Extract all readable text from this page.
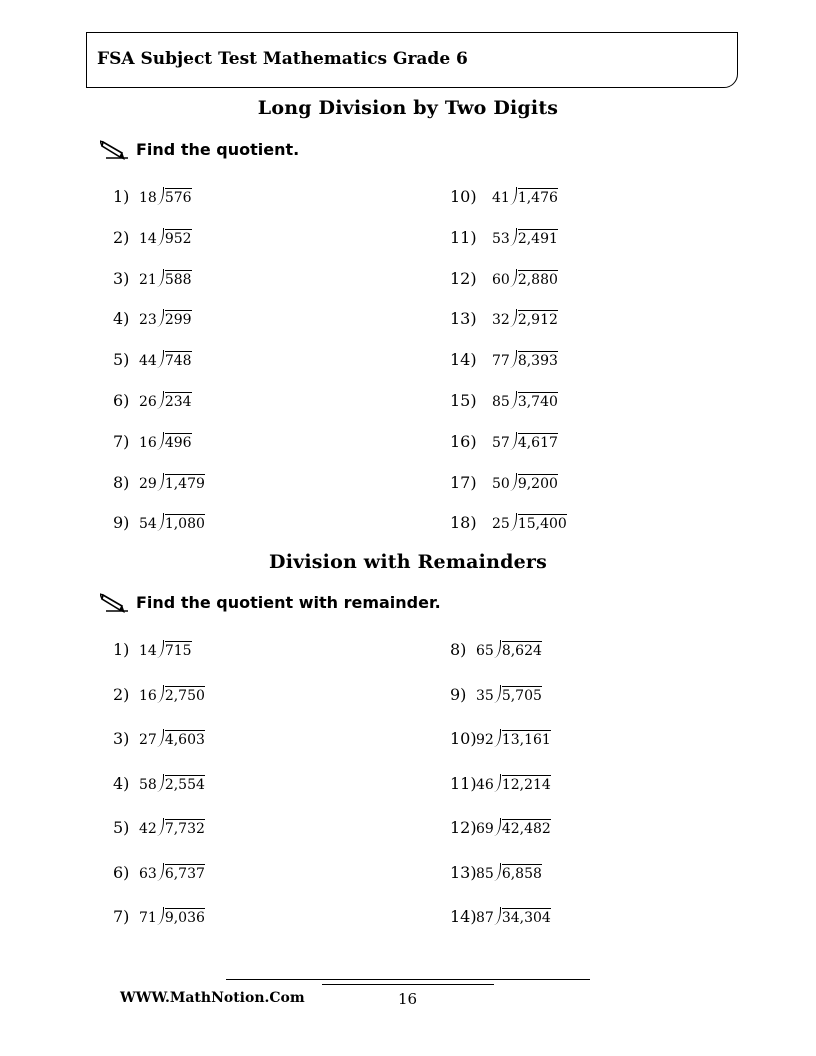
FSA Subject Test Mathematics Grade 6
Long Division by Two Digits
Find the quotient.
1) 18 576
2) 14 952
3) 21 588
4) 23 299
5) 44 748
6) 26 234
7) 16 496
8) 29 1,479
9) 54 1,080
10)	41 1,476
11)	53 2,491
12)	60 2,880
13)	32 2,912
14)	77 8,393
15)	85 3,740
16)	57 4,617
17)	50 9,200
18)	25 15,400
Division with Remainders
Find the quotient with remainder.
1) 14 715
2) 16 2,750
3) 27 4,603
4) 58 2,554
5) 42 7,732
6) 63 6,737
7) 71 9,036
8) 65 8,624
9) 35 5,705
10) 92 13,161
11) 46 12,214
12) 69 42,482
13) 85 6,858
14) 87 34,304
WWW.MathNotion.Com	16
